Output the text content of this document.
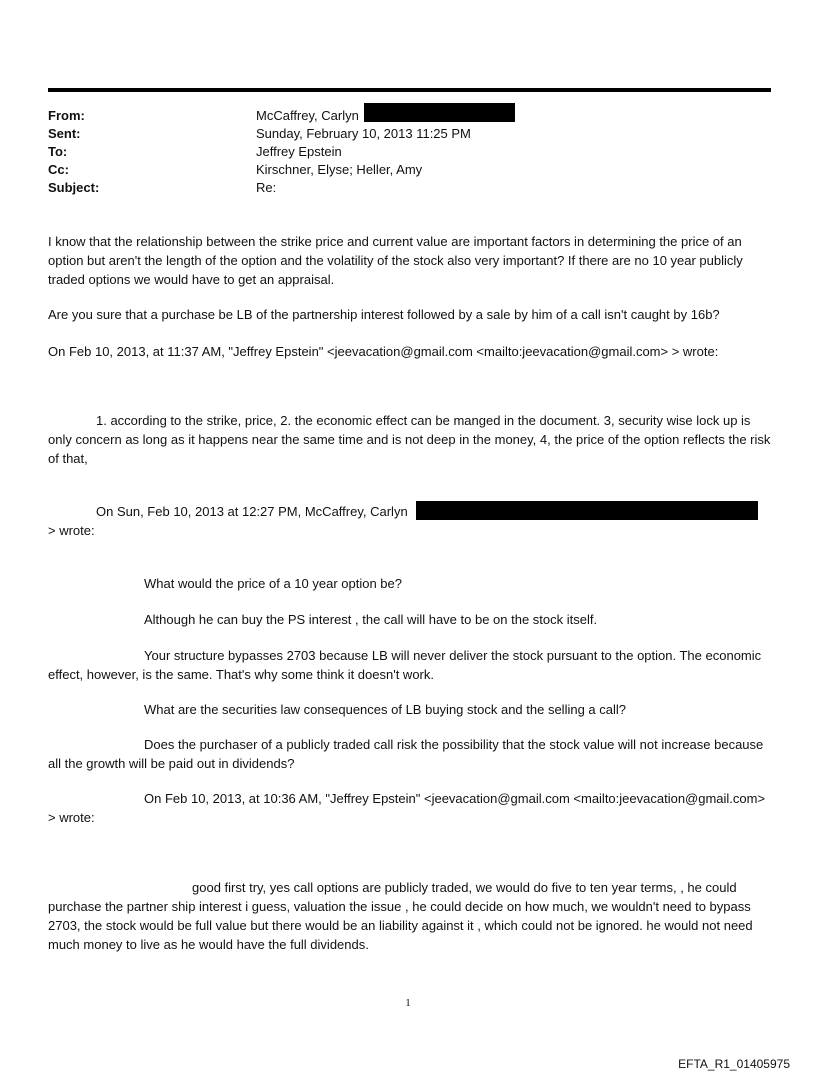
From:	McCaffrey, Carlyn
Sent:	Sunday, February 10, 2013 11:25 PM
To:	Jeffrey Epstein
Cc:	Kirschner, Elyse; Heller, Amy
Subject:	Re:

I know that the relationship between the strike price and current value are important factors in determining the price of an option but aren't the length of the option and the volatility of the stock also very important? If there are no 10 year publicly traded options we would have to get an appraisal.

Are you sure that a purchase be LB of the partnership interest followed by a sale by him of a call isn't caught by 16b?

On Feb 10, 2013, at 11:37 AM, "Jeffrey Epstein" <jeevacation@gmail.com <mailto:jeevacation@gmail.com> > wrote:

1. according to the strike, price, 2. the economic effect can be manged in the document. 3, security wise lock up is only concern as long as it happens near the same time and is not deep in the money, 4, the price of the option reflects the risk of that,

On Sun, Feb 10, 2013 at 12:27 PM, McCaffrey, Carlyn
> wrote:

What would the price of a 10 year option be?

Although he can buy the PS interest , the call will have to be on the stock itself.

Your structure bypasses 2703 because LB will never deliver the stock pursuant to the option. The economic effect, however, is the same. That's why some think it doesn't work.

What are the securities law consequences of LB buying stock and the selling a call?

Does the purchaser of a publicly traded call risk the possibility that the stock value will not increase because all the growth will be paid out in dividends?

On Feb 10, 2013, at 10:36 AM, "Jeffrey Epstein" <jeevacation@gmail.com <mailto:jeevacation@gmail.com> > wrote:

good first try, yes call options are publicly traded, we would do five to ten year terms, , he could purchase the partner ship interest i guess, valuation the issue , he could decide on how much, we wouldn't need to bypass 2703, the stock would be full value but there would be an liability against it , which could not be ignored. he would not need much money to live as he would have the full dividends.

1
EFTA_R1_01405975
